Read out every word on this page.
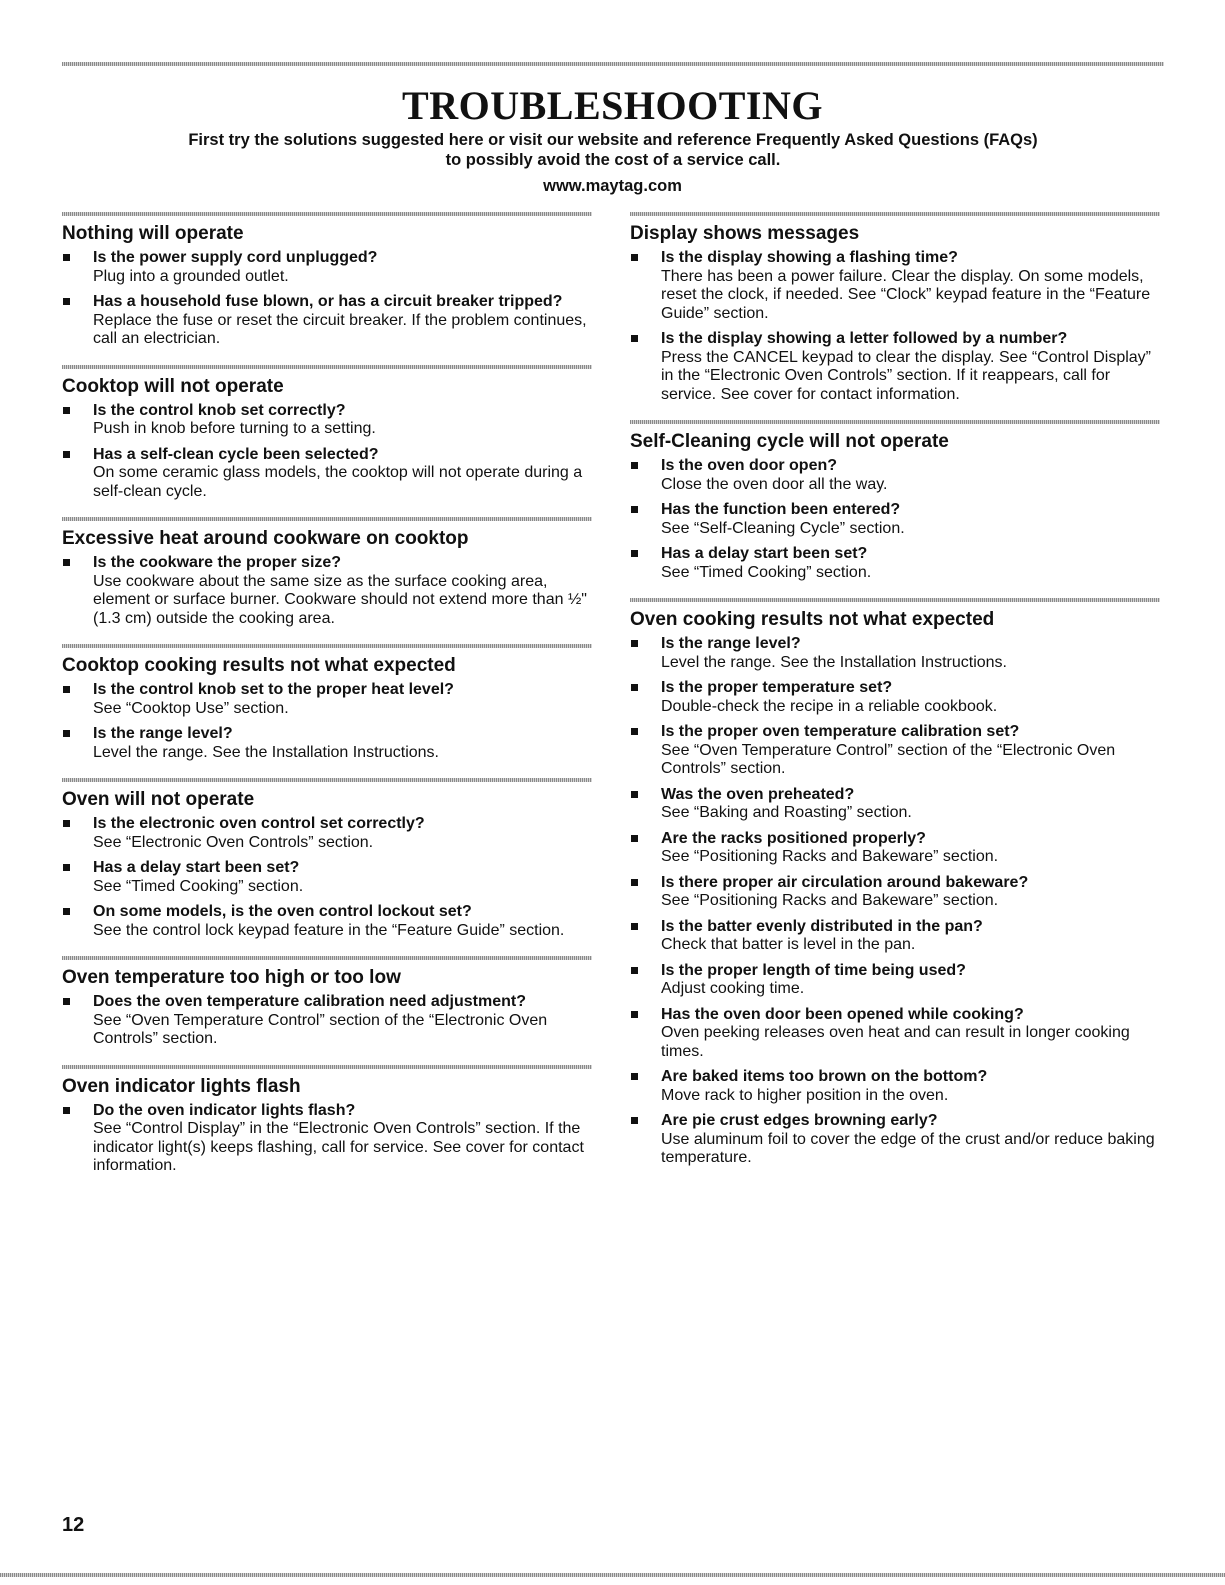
TROUBLESHOOTING

First try the solutions suggested here or visit our website and reference Frequently Asked Questions (FAQs)
to possibly avoid the cost of a service call.

www.maytag.com

Nothing will operate
Is the power supply cord unplugged?
Plug into a grounded outlet.
Has a household fuse blown, or has a circuit breaker tripped?
Replace the fuse or reset the circuit breaker. If the problem continues, call an electrician.
Cooktop will not operate
Is the control knob set correctly?
Push in knob before turning to a setting.
Has a self-clean cycle been selected?
On some ceramic glass models, the cooktop will not operate during a self-clean cycle.
Excessive heat around cookware on cooktop
Is the cookware the proper size?
Use cookware about the same size as the surface cooking area, element or surface burner. Cookware should not extend more than ½" (1.3 cm) outside the cooking area.
Cooktop cooking results not what expected
Is the control knob set to the proper heat level?
See “Cooktop Use” section.
Is the range level?
Level the range. See the Installation Instructions.
Oven will not operate
Is the electronic oven control set correctly?
See “Electronic Oven Controls” section.
Has a delay start been set?
See “Timed Cooking” section.
On some models, is the oven control lockout set?
See the control lock keypad feature in the “Feature Guide” section.
Oven temperature too high or too low
Does the oven temperature calibration need adjustment?
See “Oven Temperature Control” section of the “Electronic Oven Controls” section.
Oven indicator lights flash
Do the oven indicator lights flash?
See “Control Display” in the “Electronic Oven Controls” section. If the indicator light(s) keeps flashing, call for service. See cover for contact information.
Display shows messages
Is the display showing a flashing time?
There has been a power failure. Clear the display. On some models, reset the clock, if needed. See “Clock” keypad feature in the “Feature Guide” section.
Is the display showing a letter followed by a number?
Press the CANCEL keypad to clear the display. See “Control Display” in the “Electronic Oven Controls” section. If it reappears, call for service. See cover for contact information.
Self-Cleaning cycle will not operate
Is the oven door open?
Close the oven door all the way.
Has the function been entered?
See “Self-Cleaning Cycle” section.
Has a delay start been set?
See “Timed Cooking” section.
Oven cooking results not what expected
Is the range level?
Level the range. See the Installation Instructions.
Is the proper temperature set?
Double-check the recipe in a reliable cookbook.
Is the proper oven temperature calibration set?
See “Oven Temperature Control” section of the “Electronic Oven Controls” section.
Was the oven preheated?
See “Baking and Roasting” section.
Are the racks positioned properly?
See “Positioning Racks and Bakeware” section.
Is there proper air circulation around bakeware?
See “Positioning Racks and Bakeware” section.
Is the batter evenly distributed in the pan?
Check that batter is level in the pan.
Is the proper length of time being used?
Adjust cooking time.
Has the oven door been opened while cooking?
Oven peeking releases oven heat and can result in longer cooking times.
Are baked items too brown on the bottom?
Move rack to higher position in the oven.
Are pie crust edges browning early?
Use aluminum foil to cover the edge of the crust and/or reduce baking temperature.
12
